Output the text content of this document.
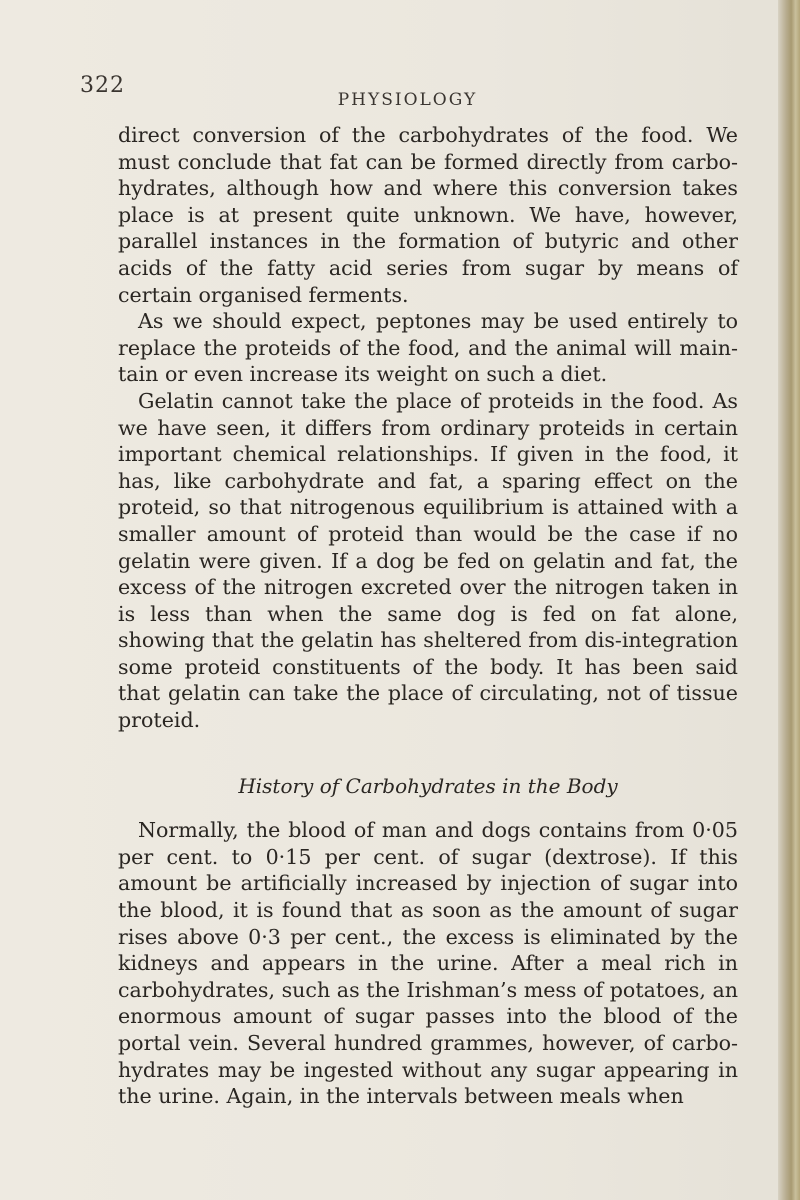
322
PHYSIOLOGY

direct conversion of the carbohydrates of the food. We must conclude that fat can be formed directly from carbo-hydrates, although how and where this conversion takes place is at present quite unknown. We have, however, parallel instances in the formation of butyric and other acids of the fatty acid series from sugar by means of certain organised ferments.

As we should expect, peptones may be used entirely to replace the proteids of the food, and the animal will main-tain or even increase its weight on such a diet.

Gelatin cannot take the place of proteids in the food. As we have seen, it differs from ordinary proteids in certain important chemical relationships. If given in the food, it has, like carbohydrate and fat, a sparing effect on the proteid, so that nitrogenous equilibrium is attained with a smaller amount of proteid than would be the case if no gelatin were given. If a dog be fed on gelatin and fat, the excess of the nitrogen excreted over the nitrogen taken in is less than when the same dog is fed on fat alone, showing that the gelatin has sheltered from dis-integration some proteid constituents of the body. It has been said that gelatin can take the place of circulating, not of tissue proteid.

History of Carbohydrates in the Body

Normally, the blood of man and dogs contains from 0·05 per cent. to 0·15 per cent. of sugar (dextrose). If this amount be artificially increased by injection of sugar into the blood, it is found that as soon as the amount of sugar rises above 0·3 per cent., the excess is eliminated by the kidneys and appears in the urine. After a meal rich in carbohydrates, such as the Irishman’s mess of potatoes, an enormous amount of sugar passes into the blood of the portal vein. Several hundred grammes, however, of carbo-hydrates may be ingested without any sugar appearing in the urine. Again, in the intervals between meals when
